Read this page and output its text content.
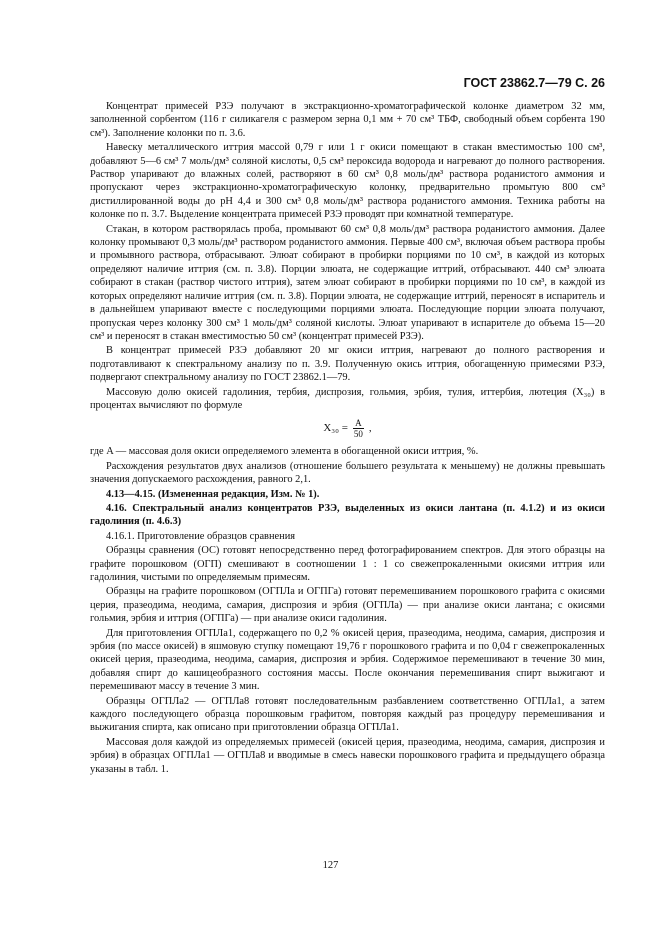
ГОСТ 23862.7—79 С. 26

Концентрат примесей РЗЭ получают в экстракционно-хроматографической колонке диаметром 32 мм, заполненной сорбентом (116 г силикагеля с размером зерна 0,1 мм + 70 см³ ТБФ, свободный объем сорбента 190 см³). Заполнение колонки по п. 3.6.

Навеску металлического иттрия массой 0,79 г или 1 г окиси помещают в стакан вместимостью 100 см³, добавляют 5—6 см³ 7 моль/дм³ соляной кислоты, 0,5 см³ пероксида водорода и нагревают до полного растворения. Раствор упаривают до влажных солей, растворяют в 60 см³ 0,8 моль/дм³ раствора роданистого аммония и пропускают через экстракционно-хроматографическую колонку, предварительно промытую 800 см³ дистиллированной воды до pH 4,4 и 300 см³ 0,8 моль/дм³ раствора роданистого аммония. Техника работы на колонке по п. 3.7. Выделение концентрата примесей РЗЭ проводят при комнатной температуре.

Стакан, в котором растворялась проба, промывают 60 см³ 0,8 моль/дм³ раствора роданистого аммония. Далее колонку промывают 0,3 моль/дм³ раствором роданистого аммония. Первые 400 см³, включая объем раствора пробы и промывного раствора, отбрасывают. Элюат собирают в пробирки порциями по 10 см³, в каждой из которых определяют наличие иттрия (см. п. 3.8). Порции элюата, не содержащие иттрий, отбрасывают. 440 см³ элюата собирают в стакан (раствор чистого иттрия), затем элюат собирают в пробирки порциями по 10 см³, в каждой из которых определяют наличие иттрия (см. п. 3.8). Порции элюата, не содержащие иттрий, переносят в испаритель и в дальнейшем упаривают вместе с последующими порциями элюата. Последующие порции элюата получают, пропуская через колонку 300 см³ 1 моль/дм³ соляной кислоты. Элюат упаривают в испарителе до объема 15—20 см³ и переносят в стакан вместимостью 50 см³ (концентрат примесей РЗЭ).

В концентрат примесей РЗЭ добавляют 20 мг окиси иттрия, нагревают до полного растворения и подготавливают к спектральному анализу по п. 3.9. Полученную окись иттрия, обогащенную примесями РЗЭ, подвергают спектральному анализу по ГОСТ 23862.1—79.

Массовую долю окисей гадолиния, тербия, диспрозия, гольмия, эрбия, тулия, иттербия, лютеция (X₃₀) в процентах вычисляют по формуле

$X_{30} = \frac{A}{50}$ ,

где A — массовая доля окиси определяемого элемента в обогащенной окиси иттрия, %.

Расхождения результатов двух анализов (отношение большего результата к меньшему) не должны превышать значения допускаемого расхождения, равного 2,1.

4.13—4.15. (Измененная редакция, Изм. № 1).

4.16. Спектральный анализ концентратов РЗЭ, выделенных из окиси лантана (п. 4.1.2) и из окиси гадолиния (п. 4.6.3)

4.16.1. Приготовление образцов сравнения

Образцы сравнения (ОС) готовят непосредственно перед фотографированием спектров. Для этого образцы на графите порошковом (ОГП) смешивают в соотношении 1 : 1 со свежепрокаленными окисями иттрия или гадолиния, чистыми по определяемым примесям.

Образцы на графите порошковом (ОГПЛа и ОГПГа) готовят перемешиванием порошкового графита с окисями церия, празеодима, неодима, самария, диспрозия и эрбия (ОГПЛа) — при анализе окиси лантана; с окисями гольмия, эрбия и иттрия (ОГПГа) — при анализе окиси гадолиния.

Для приготовления ОГПЛа1, содержащего по 0,2 % окисей церия, празеодима, неодима, самария, диспрозия и эрбия (по массе окисей) в яшмовую ступку помещают 19,76 г порошкового графита и по 0,04 г свежепрокаленных окисей церия, празеодима, неодима, самария, диспрозия и эрбия. Содержимое перемешивают в течение 30 мин, добавляя спирт до кашицеобразного состояния массы. После окончания перемешивания спирт выжигают и перемешивают массу в течение 3 мин.

Образцы ОГПЛа2 — ОГПЛа8 готовят последовательным разбавлением соответственно ОГПЛа1, а затем каждого последующего образца порошковым графитом, повторяя каждый раз процедуру перемешивания и выжигания спирта, как описано при приготовлении образца ОГПЛа1.

Массовая доля каждой из определяемых примесей (окисей церия, празеодима, неодима, самария, диспрозия и эрбия) в образцах ОГПЛа1 — ОГПЛа8 и вводимые в смесь навески порошкового графита и предыдущего образца указаны в табл. 1.

127
